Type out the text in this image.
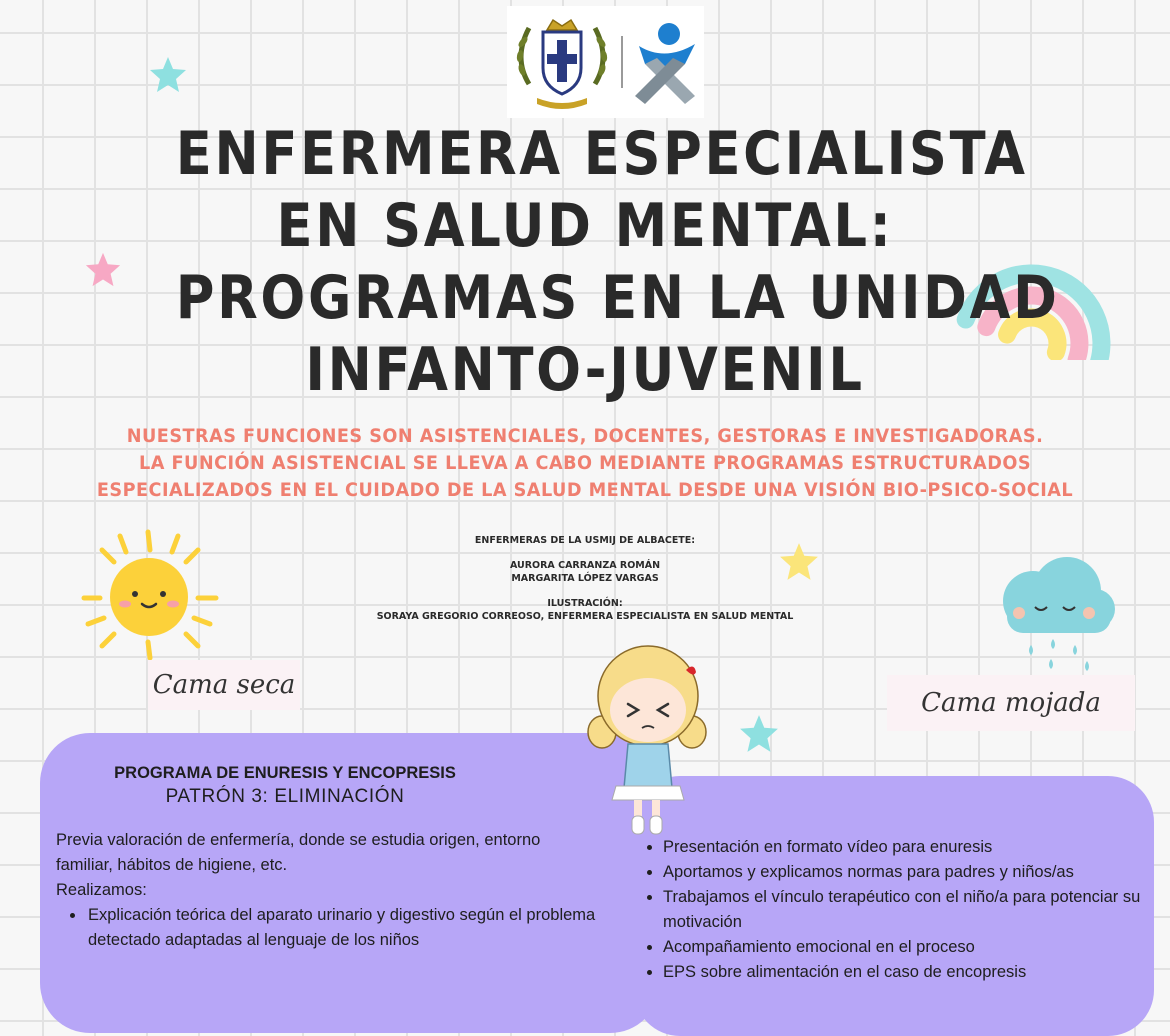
ENFERMERA ESPECIALISTA
EN SALUD MENTAL:
PROGRAMAS EN LA UNIDAD
INFANTO-JUVENIL
NUESTRAS FUNCIONES SON ASISTENCIALES, DOCENTES, GESTORAS E INVESTIGADORAS.
LA FUNCIÓN ASISTENCIAL SE LLEVA A CABO MEDIANTE PROGRAMAS ESTRUCTURADOS
ESPECIALIZADOS EN EL CUIDADO DE LA SALUD MENTAL DESDE UNA VISIÓN BIO-PSICO-SOCIAL
ENFERMERAS DE LA USMIJ DE ALBACETE:
AURORA CARRANZA ROMÁN
MARGARITA LÓPEZ VARGAS
ILUSTRACIÓN:
SORAYA GREGORIO CORREOSO, ENFERMERA ESPECIALISTA EN SALUD MENTAL
Cama seca
Cama mojada
PROGRAMA DE ENURESIS Y ENCOPRESIS
PATRÓN 3: ELIMINACIÓN
Previa valoración de enfermería, donde se estudia origen, entorno familiar, hábitos de higiene, etc.
Realizamos:
• Explicación teórica del aparato urinario y digestivo según el problema detectado adaptadas al lenguaje de los niños
• Presentación en formato vídeo para enuresis
• Aportamos y explicamos normas para padres y niños/as
• Trabajamos el vínculo terapéutico con el niño/a para potenciar su motivación
• Acompañamiento emocional en el proceso
• EPS sobre alimentación en el caso de encopresis
